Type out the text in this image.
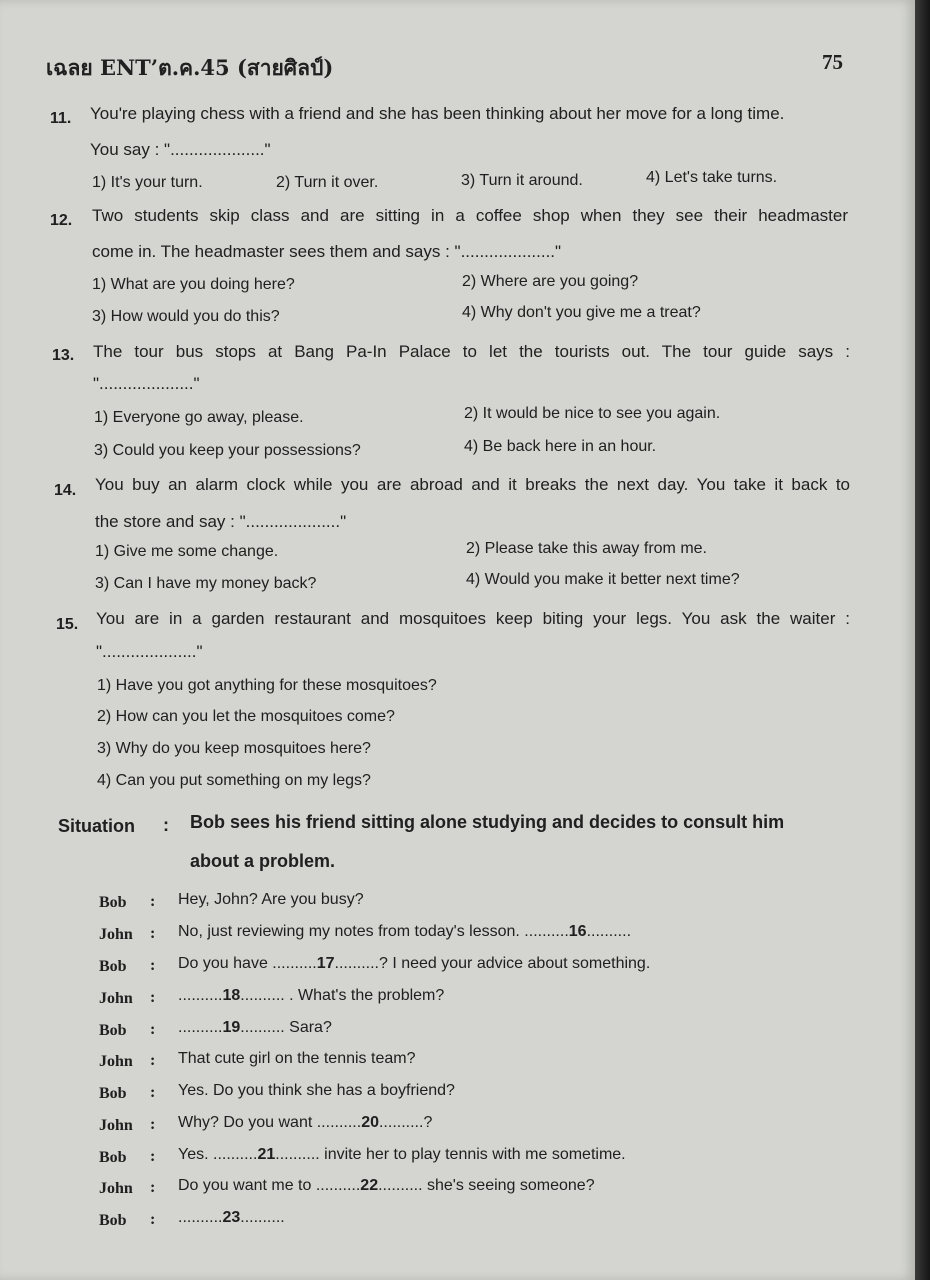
เฉลย ENT’ต.ค.45 (สายศิลป์)	75
11. You're playing chess with a friend and she has been thinking about her move for a long time.
You say : "...................."
1) It's your turn.	2) Turn it over.	3) Turn it around.	4) Let's take turns.
12. Two students skip class and are sitting in a coffee shop when they see their headmaster
come in. The headmaster sees them and says : "...................."
1) What are you doing here?	2) Where are you going?
3) How would you do this?	4) Why don't you give me a treat?
13. The tour bus stops at Bang Pa-In Palace to let the tourists out. The tour guide says :
"...................."
1) Everyone go away, please.	2) It would be nice to see you again.
3) Could you keep your possessions?	4) Be back here in an hour.
14. You buy an alarm clock while you are abroad and it breaks the next day. You take it back to
the store and say : "...................."
1) Give me some change.	2) Please take this away from me.
3) Can I have my money back?	4) Would you make it better next time?
15. You are in a garden restaurant and mosquitoes keep biting your legs. You ask the waiter :
"...................."
1) Have you got anything for these mosquitoes?
2) How can you let the mosquitoes come?
3) Why do you keep mosquitoes here?
4) Can you put something on my legs?
Situation : Bob sees his friend sitting alone studying and decides to consult him
about a problem.
Bob : Hey, John? Are you busy?
John : No, just reviewing my notes from today's lesson. ..........16..........
Bob : Do you have ..........17..........? I need your advice about something.
John : ..........18.......... . What's the problem?
Bob : ..........19.......... Sara?
John : That cute girl on the tennis team?
Bob : Yes. Do you think she has a boyfriend?
John : Why? Do you want ..........20..........?
Bob : Yes. ..........21.......... invite her to play tennis with me sometime.
John : Do you want me to ..........22.......... she's seeing someone?
Bob : ..........23..........
